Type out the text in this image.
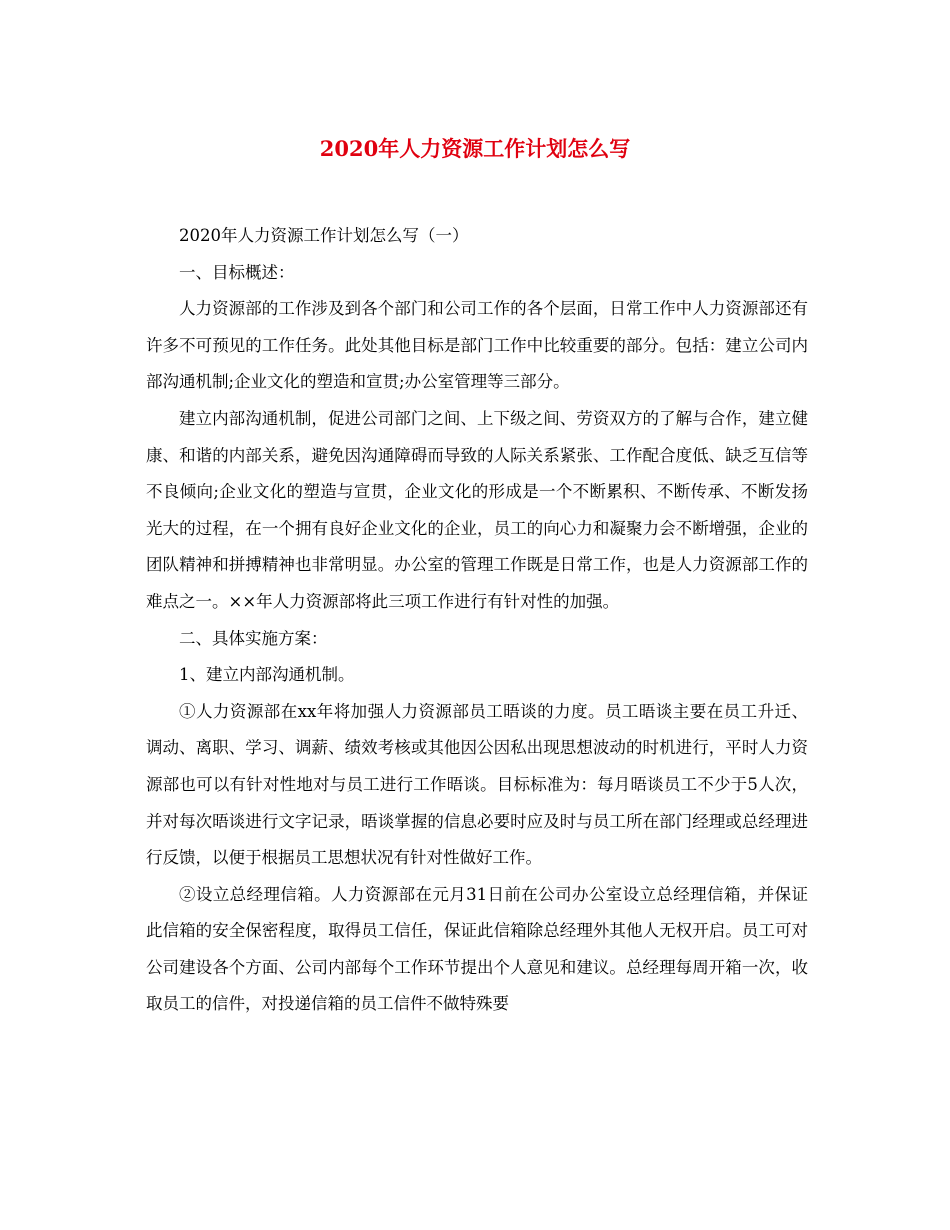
2020年人力资源工作计划怎么写

2020年人力资源工作计划怎么写（一）

一、目标概述：

人力资源部的工作涉及到各个部门和公司工作的各个层面，日常工作中人力资源部还有许多不可预见的工作任务。此处其他目标是部门工作中比较重要的部分。包括：建立公司内部沟通机制;企业文化的塑造和宣贯;办公室管理等三部分。

建立内部沟通机制，促进公司部门之间、上下级之间、劳资双方的了解与合作，建立健康、和谐的内部关系，避免因沟通障碍而导致的人际关系紧张、工作配合度低、缺乏互信等不良倾向;企业文化的塑造与宣贯，企业文化的形成是一个不断累积、不断传承、不断发扬光大的过程，在一个拥有良好企业文化的企业，员工的向心力和凝聚力会不断增强，企业的团队精神和拼搏精神也非常明显。办公室的管理工作既是日常工作，也是人力资源部工作的难点之一。××年人力资源部将此三项工作进行有针对性的加强。

二、具体实施方案：

1、建立内部沟通机制。

①人力资源部在xx年将加强人力资源部员工晤谈的力度。员工晤谈主要在员工升迁、调动、离职、学习、调薪、绩效考核或其他因公因私出现思想波动的时机进行，平时人力资源部也可以有针对性地对与员工进行工作晤谈。目标标准为：每月晤谈员工不少于5人次，并对每次晤谈进行文字记录，晤谈掌握的信息必要时应及时与员工所在部门经理或总经理进行反馈，以便于根据员工思想状况有针对性做好工作。

②设立总经理信箱。人力资源部在元月31日前在公司办公室设立总经理信箱，并保证此信箱的安全保密程度，取得员工信任，保证此信箱除总经理外其他人无权开启。员工可对公司建设各个方面、公司内部每个工作环节提出个人意见和建议。总经理每周开箱一次，收取员工的信件，对投递信箱的员工信件不做特殊要
